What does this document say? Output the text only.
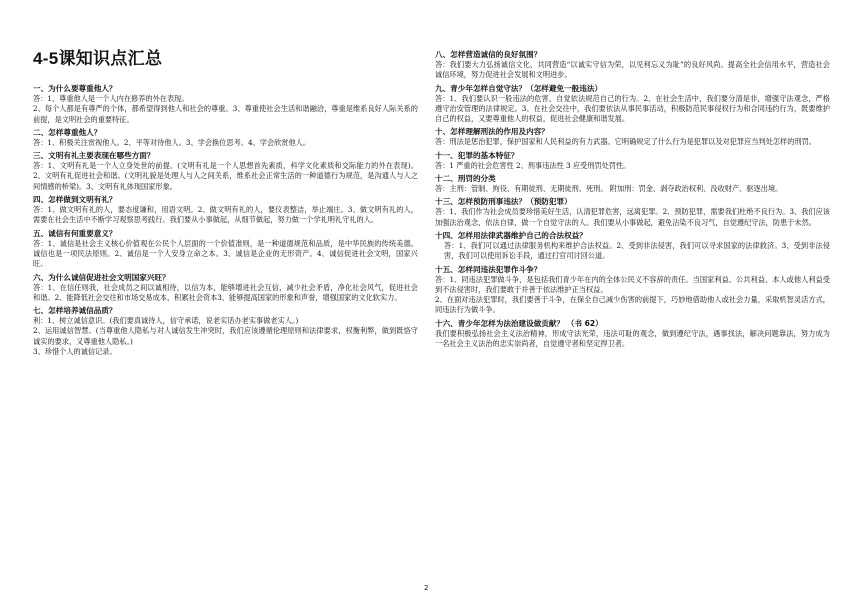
4-5课知识点汇总
一、为什么要尊重他人？

答：1、尊重他人是一个人内在修养的外在表现。

2、每个人都是有尊严的个体，都希望得到他人和社会的尊重。3、尊重使社会生活和谐融洽，尊重是维系良好人际关系的前提，是文明社会的重要特征。

二、怎样尊重他人？

答：1、积极关注赏视他人。2、平等对待他人。3、学会换位思考。4、学会欣赏他人。

三、文明有礼主要表现在哪些方面？

答：1、文明有礼是一个人立身处世的前提。(文明有礼是一个人思想首先素质，科学文化素质和交际能力的外在表现)。2、文明有礼促进社会和谐。(文明礼貌是处理人与人之间关系，维系社会正常生活的一种道德行为规范，是沟通人与人之间情感的桥梁)。3、文明有礼体现国家形象。

四、怎样做到文明有礼？

答：1、做文明有礼的人，要态度谦和，用语文明。2、做文明有礼的人，要仪表整洁，举止端庄。3、做文明有礼的人，需要在社会生活中不断学习观察思考践行。我们要从小事做起，从细节做起，努力做一个学礼明礼守礼的人。

五、诚信有何重要意义？

答：1、诚信是社会主义核心价值观在公民个人层面的一个价值准则，是一种道德规范和品质，是中华民族的传统美德。诚信也是一项民法原则。2、诚信是一个人安身立命之本。3、诚信是企业的无形资产。4、诚信促进社会文明，国家兴旺。

六、为什么诚信促进社会文明国家兴旺？

答：1、在信任则我，社会成员之间以诚相待，以信为本，能够增进社会互信，减少社会矛盾，净化社会风气，促进社会和谐。2、能降低社会交往和市场交易成本，积累社会资本3、能够提高国家的形象和声誉，增强国家的文化软实力。

七、怎样培养诚信品质？

利：1、树立诚信意识。(我们要真诚待人，信守承诺，说老实话办老实事做老实人。)

2、运用诚信智慧。(当尊重他人隐私与对人诚信发生冲突时，我们应该遵循伦理原则和法律要求，权衡利弊，做到既恪守诚实的要求，又尊重他人隐私。)

3、珍惜个人的诚信记录。

八、怎样营造诚信的良好氛围？

答：我们要大力弘扬诚信文化，共同营造“以诚实守信为荣，以见利忘义为耻”的良好风尚。提高全社会信用水平，营造社会诚信环境，努力促进社会发展和文明进步。

九、青少年怎样自觉守法？（怎样避免一般违法）

答：1、我们要认识一般违法的危害，自觉依法规范自己的行为。2、在社会生活中，我们要分清是非，增强守法观念，严格遵守治安管理的法律规定。3、在社会交往中，我们要依法从事民事活动，积极防范民事侵权行为和合同违约行为，既要维护自己的权益，又要尊重他人的权益，促进社会健康和谐发展。

十、怎样理解刑法的作用及内容？

答：刑法是惩治犯罪，保护国家和人民利益的有力武器。它明确规定了什么行为是犯罪以及对犯罪应当判处怎样的刑罚。

十一、犯罪的基本特征？

答：1 严重的社会危害性 2、刑事违法性 3 应受刑罚处罚性。

十二、刑罚的分类

答：主刑：管制、拘役、有期徒刑、无期徒刑、死刑。 附加刑：罚金、剥夺政治权利、没收财产、驱逐出境。

十三、怎样预防刑事违法？（预防犯罪）

答：1、我们作为社会成员要珍惜美好生活，认清犯罪危害，远离犯罪。2、预防犯罪，需要我们杜绝不良行为。3、我们应该加强法治观念，依法自律，做一个自觉守法的人。我们要从小事做起，避免沾染不良习气，自觉遵纪守法，防患于未然。

十四、怎样用法律武器维护自己的合法权益？

答：1、我们可以通过法律服务机构来维护合法权益。2、受到非法侵害，我们可以寻求国家的法律救济。3、受到非法侵害，我们可以使用诉讼手段，通过打官司讨回公道。

十五、怎样同违法犯罪作斗争？

答：1、同违法犯罪做斗争，是包括我们青少年在内的全体公民义不容辞的责任。当国家利益、公共利益、本人或他人利益受到不法侵害时，我们要敢于并善于依法维护正当权益。

2、在面对违法犯罪时，我们要善于斗争，在保全自己减少伤害的前提下，巧妙地借助他人或社会力量，采取机智灵活方式，同违法行为做斗争。

十六、青少年怎样为法治建设做贡献？ （书 62）

我们要积极弘扬社会主义法治精神，形成守法光荣，违法可耻的观念，做到遵纪守法，遇事找法，解决问题靠法，努力成为一名社会主义法治的忠实崇尚者，自觉遵守者和坚定捍卫者。

2
